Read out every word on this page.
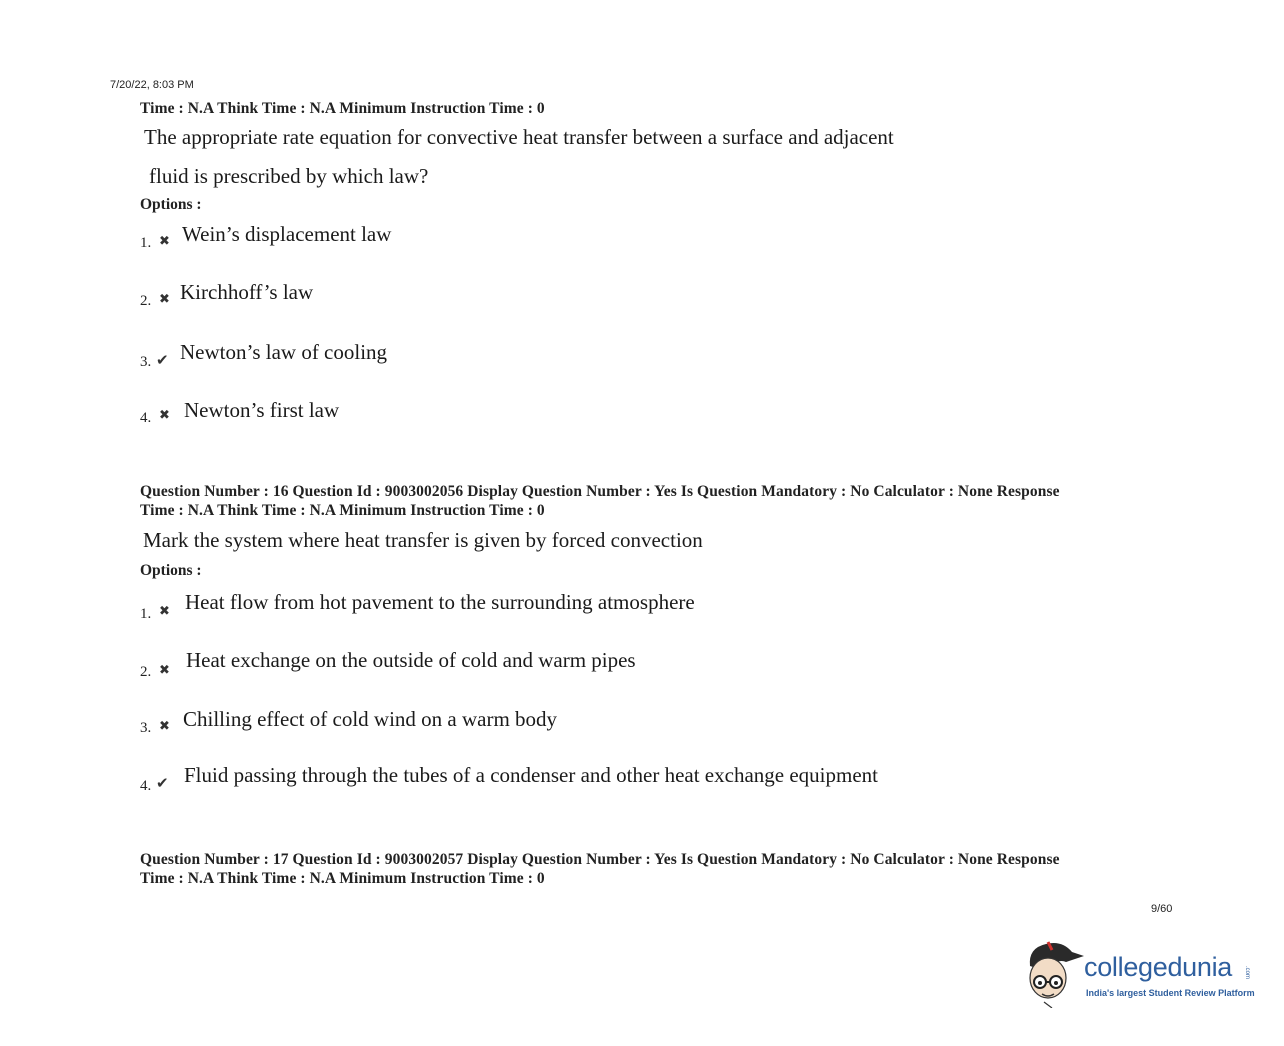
7/20/22, 8:03 PM
Time : N.A Think Time : N.A Minimum Instruction Time : 0
The appropriate rate equation for convective heat transfer between a surface and adjacent
fluid is prescribed by which law?
Options :
1. ✖ Wein’s displacement law
2. ✖ Kirchhoff’s law
3. ✔ Newton’s law of cooling
4. ✖ Newton’s first law
Question Number : 16 Question Id : 9003002056 Display Question Number : Yes Is Question Mandatory : No Calculator : None Response
Time : N.A Think Time : N.A Minimum Instruction Time : 0
Mark the system where heat transfer is given by forced convection
Options :
1. ✖ Heat flow from hot pavement to the surrounding atmosphere
2. ✖ Heat exchange on the outside of cold and warm pipes
3. ✖ Chilling effect of cold wind on a warm body
4. ✔ Fluid passing through the tubes of a condenser and other heat exchange equipment
Question Number : 17 Question Id : 9003002057 Display Question Number : Yes Is Question Mandatory : No Calculator : None Response
Time : N.A Think Time : N.A Minimum Instruction Time : 0
9/60
collegedunia .com
India's largest Student Review Platform
